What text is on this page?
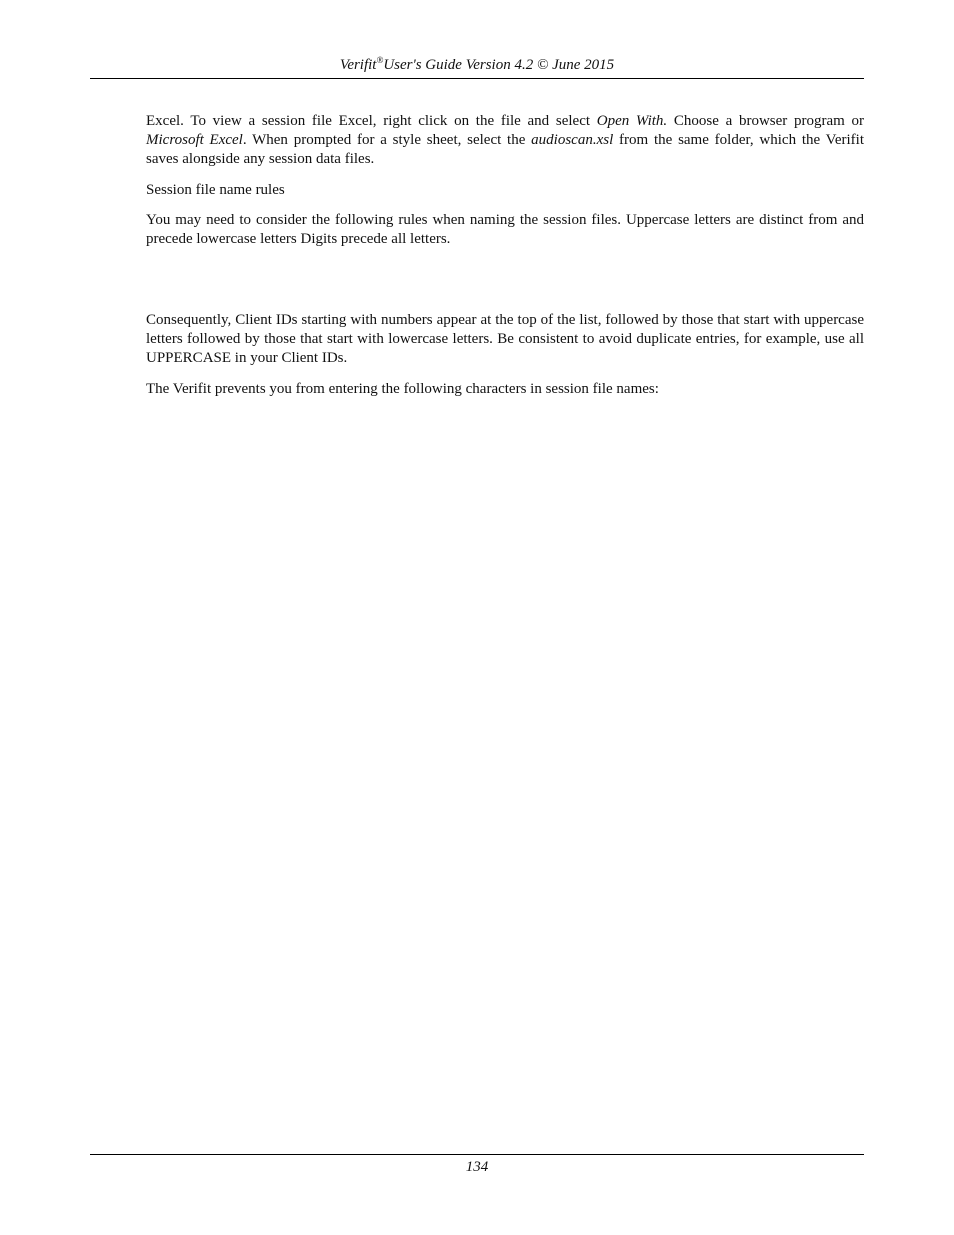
Verifit®User's Guide Version 4.2 © June 2015
Excel. To view a session file Excel, right click on the file and select Open With. Choose a browser program or Microsoft Excel. When prompted for a style sheet, select the audioscan.xsl from the same folder, which the Verifit saves alongside any session data files.
Session file name rules
You may need to consider the following rules when naming the session files. Uppercase letters are distinct from and precede lowercase letters Digits precede all letters.
Consequently, Client IDs starting with numbers appear at the top of the list, followed by those that start with uppercase letters followed by those that start with lowercase letters. Be consistent to avoid duplicate entries, for example, use all UPPERCASE in your Client IDs.
The Verifit prevents you from entering the following characters in session file names:
134
